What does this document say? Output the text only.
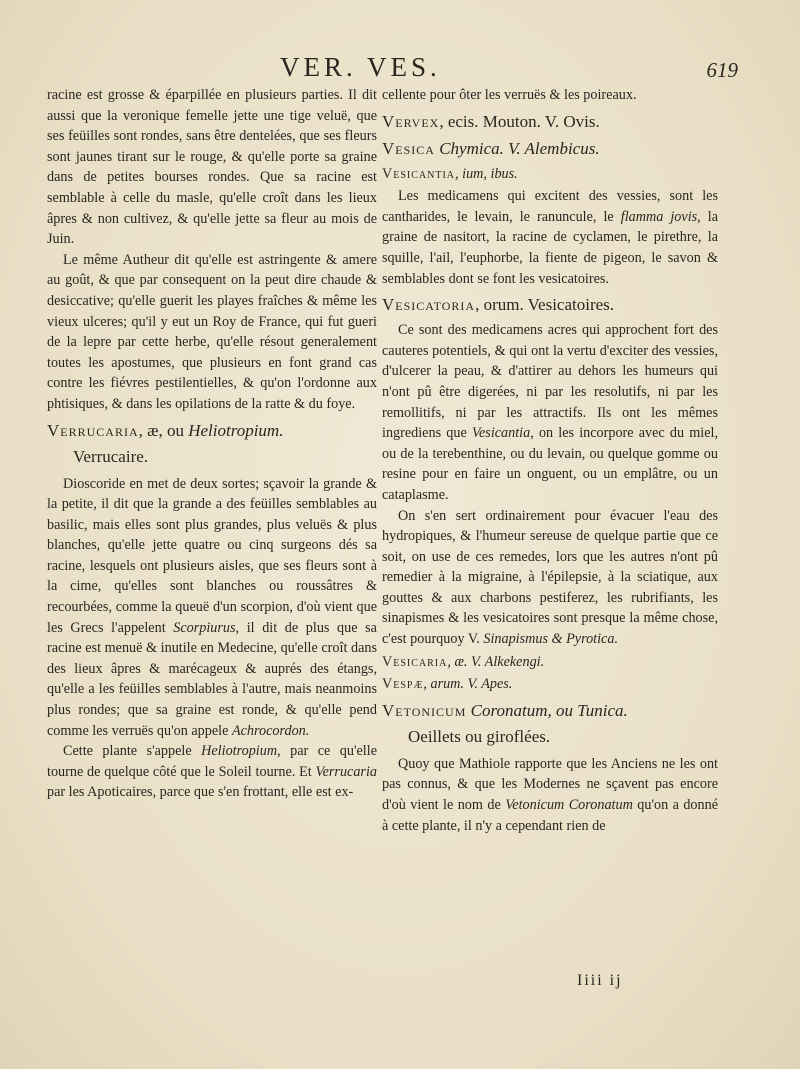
VER. VES.	619

racine est grosse & éparpillée en plusieurs parties. Il dit aussi que la veronique femelle jette une tige veluë, que ses feüilles sont rondes, sans être dentelées, que ses fleurs sont jaunes tirant sur le rouge, & qu'elle porte sa graine dans de petites bourses rondes. Que sa racine est semblable à celle du masle, qu'elle croît dans les lieux âpres & non cultivez, & qu'elle jette sa fleur au mois de Juin.

Le même Autheur dit qu'elle est astringente & amere au goût, & que par consequent on la peut dire chaude & desiccative; qu'elle guerit les playes fraîches & même les vieux ulceres; qu'il y eut un Roy de France, qui fut gueri de la lepre par cette herbe, qu'elle résout generalement toutes les apostumes, que plusieurs en font grand cas contre les fiévres pestilentielles, & qu'on l'ordonne aux phtisiques, & dans les opilations de la ratte & du foye.

Verrucaria, æ, ou Heliotropium.
Verrucaire.

Dioscoride en met de deux sortes; sçavoir la grande & la petite, il dit que la grande a des feüilles semblables au basilic, mais elles sont plus grandes, plus veluës & plus blanches, qu'elle jette quatre ou cinq surgeons dés sa racine, lesquels ont plusieurs aisles, que ses fleurs sont à la cime, qu'elles sont blanches ou roussâtres & recourbées, comme la queuë d'un scorpion, d'où vient que les Grecs l'appelent Scorpiurus, il dit de plus que sa racine est menuë & inutile en Medecine, qu'elle croît dans des lieux âpres & marécageux & auprés des étangs, qu'elle a les feüilles semblables à l'autre, mais neanmoins plus rondes; que sa graine est ronde, & qu'elle pend comme les verruës qu'on appele Achrocordon.

Cette plante s'appele Heliotropium, par ce qu'elle tourne de quelque côté que le Soleil tourne. Et Verrucaria par les Apoticaires, parce que s'en frottant, elle est ex-

cellente pour ôter les verruës & les poireaux.

Vervex, ecis. Mouton. V. Ovis.
Vesica Chymica. V. Alembicus.
Vesicantia, ium, ibus.

Les medicamens qui excitent des vessies, sont les cantharides, le levain, le ranuncule, le flamma jovis, la graine de nasitort, la racine de cyclamen, le pirethre, la squille, l'ail, l'euphorbe, la fiente de pigeon, le savon & semblables dont se font les vesicatoires.

Vesicatoria, orum. Vesicatoires.

Ce sont des medicamens acres qui approchent fort des cauteres potentiels, & qui ont la vertu d'exciter des vessies, d'ulcerer la peau, & d'attirer au dehors les humeurs qui n'ont pû être digerées, ni par les resolutifs, ni par les remollitifs, ni par les attractifs. Ils ont les mêmes ingrediens que Vesicantia, on les incorpore avec du miel, ou de la terebenthine, ou du levain, ou quelque gomme ou resine pour en faire un onguent, ou un emplâtre, ou un cataplasme.

On s'en sert ordinairement pour évacuer l'eau des hydropiques, & l'humeur sereuse de quelque partie que ce soit, on use de ces remedes, lors que les autres n'ont pû remedier à la migraine, à l'épilepsie, à la sciatique, aux gouttes & aux charbons pestiferez, les rubrifiants, les sinapismes & les vesicatoires sont presque la même chose, c'est pourquoy V. Sinapismus & Pyrotica.

Vesicaria, æ. V. Alkekengi.
Vespæ, arum. V. Apes.
Vetonicum Coronatum, ou Tunica.
Oeillets ou giroflées.

Quoy que Mathiole rapporte que les Anciens ne les ont pas connus, & que les Modernes ne sçavent pas encore d'où vient le nom de Vetonicum Coronatum qu'on a donné à cette plante, il n'y a cependant rien de

Iiii ij
